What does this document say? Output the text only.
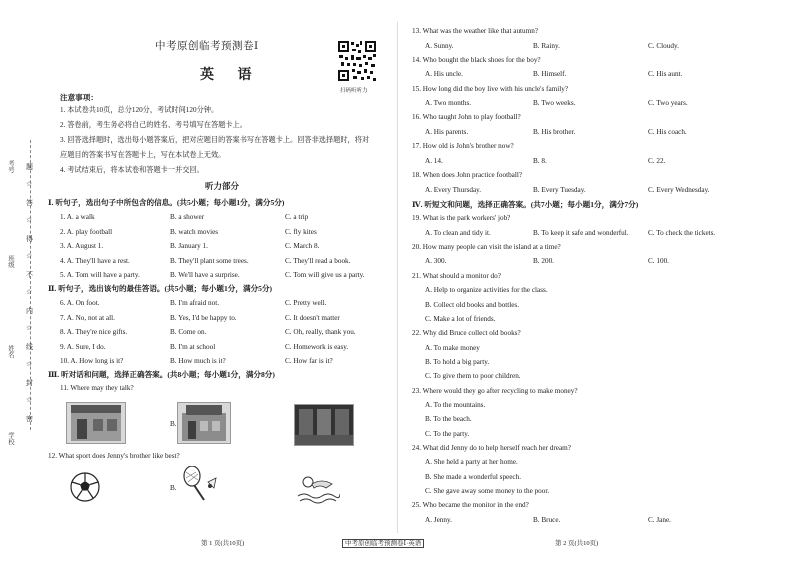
考号
班级
姓名
学校
题
☆
答
☆
得
☆
不
☆
内
☆
线
☆
封
☆
密
中考原创临考预测卷Ⅰ
英 语
扫码听听力
注意事项：
1. 本试卷共10页，总分120分，考试时间120分钟。
2. 答卷前，考生务必将自己的姓名、考号填写在答题卡上。
3. 回答选择题时，选出每小题答案后，把对应题目的答案书写在答题卡上。回答非选择题时，将对
应题目的答案书写在答题卡上，写在本试卷上无效。
4. 考试结束后，将本试卷和答题卡一并交回。
听力部分
Ⅰ. 听句子，选出句子中所包含的信息。(共5小题；每小题1分，满分5分)
1. A. a walk	B. a shower	C. a trip
2. A. play football	B. watch movies	C. fly kites
3. A. August 1.	B. January 1.	C. March 8.
4. A. They'll have a rest.	B. They'll plant some trees.	C. They'll read a book.
5. A. Tom will have a party.	B. We'll have a surprise.	C. Tom will give us a party.
Ⅱ. 听句子，选出该句的最佳答语。(共5小题；每小题1分，满分5分)
6. A. On foot.	B. I'm afraid not.	C. Pretty well.
7. A. No, not at all.	B. Yes, I'd be happy to.	C. It doesn't matter
8. A. They're nice gifts.	B. Come on.	C. Oh, really, thank you.
9. A. Sure, I do.	B. I'm at school	C. Homework is easy.
10. A. How long is it?	B. How much is it?	C. How far is it?
Ⅲ. 听对话和问题，选择正确答案。(共8小题；每小题1分，满分8分)
11. Where may they talk?
B.
12. What sport does Jenny's brother like best?
B.
第 1 页(共10页)
13. What was the weather like that autumn?
A. Sunny.	B. Rainy.	C. Cloudy.
14. Who bought the black shoes for the boy?
A. His uncle.	B. Himself.	C. His aunt.
15. How long did the boy live with his uncle's family?
A. Two months.	B. Two weeks.	C. Two years.
16. Who taught John to play football?
A. His parents.	B. His brother.	C. His coach.
17. How old is John's brother now?
A. 14.	B. 8.	C. 22.
18. When does John practice football?
A. Every Thursday.	B. Every Tuesday.	C. Every Wednesday.
Ⅳ. 听短文和问题，选择正确答案。(共7小题；每小题1分，满分7分)
19. What is the park workers' job?
A. To clean and tidy it.	B. To keep it safe and wonderful.	C. To check the tickets.
20. How many people can visit the island at a time?
A. 300.	B. 200.	C. 100.
21. What should a monitor do?
A. Help to organize activities for the class.
B. Collect old books and bottles.
C. Make a lot of friends.
22. Why did Bruce collect old books?
A. To make money
B. To hold a big party.
C. To give them to poor children.
23. Where would they go after recycling to make money?
A. To the mountains.
B. To the beach.
C. To the party.
24. What did Jenny do to help herself reach her dream?
A. She held a party at her home.
B. She made a wonderful speech.
C. She gave away some money to the poor.
25. Who became the monitor in the end?
A. Jenny.	B. Bruce.	C. Jane.
中考原创临考预测卷Ⅰ·英语	第 2 页(共10页)
